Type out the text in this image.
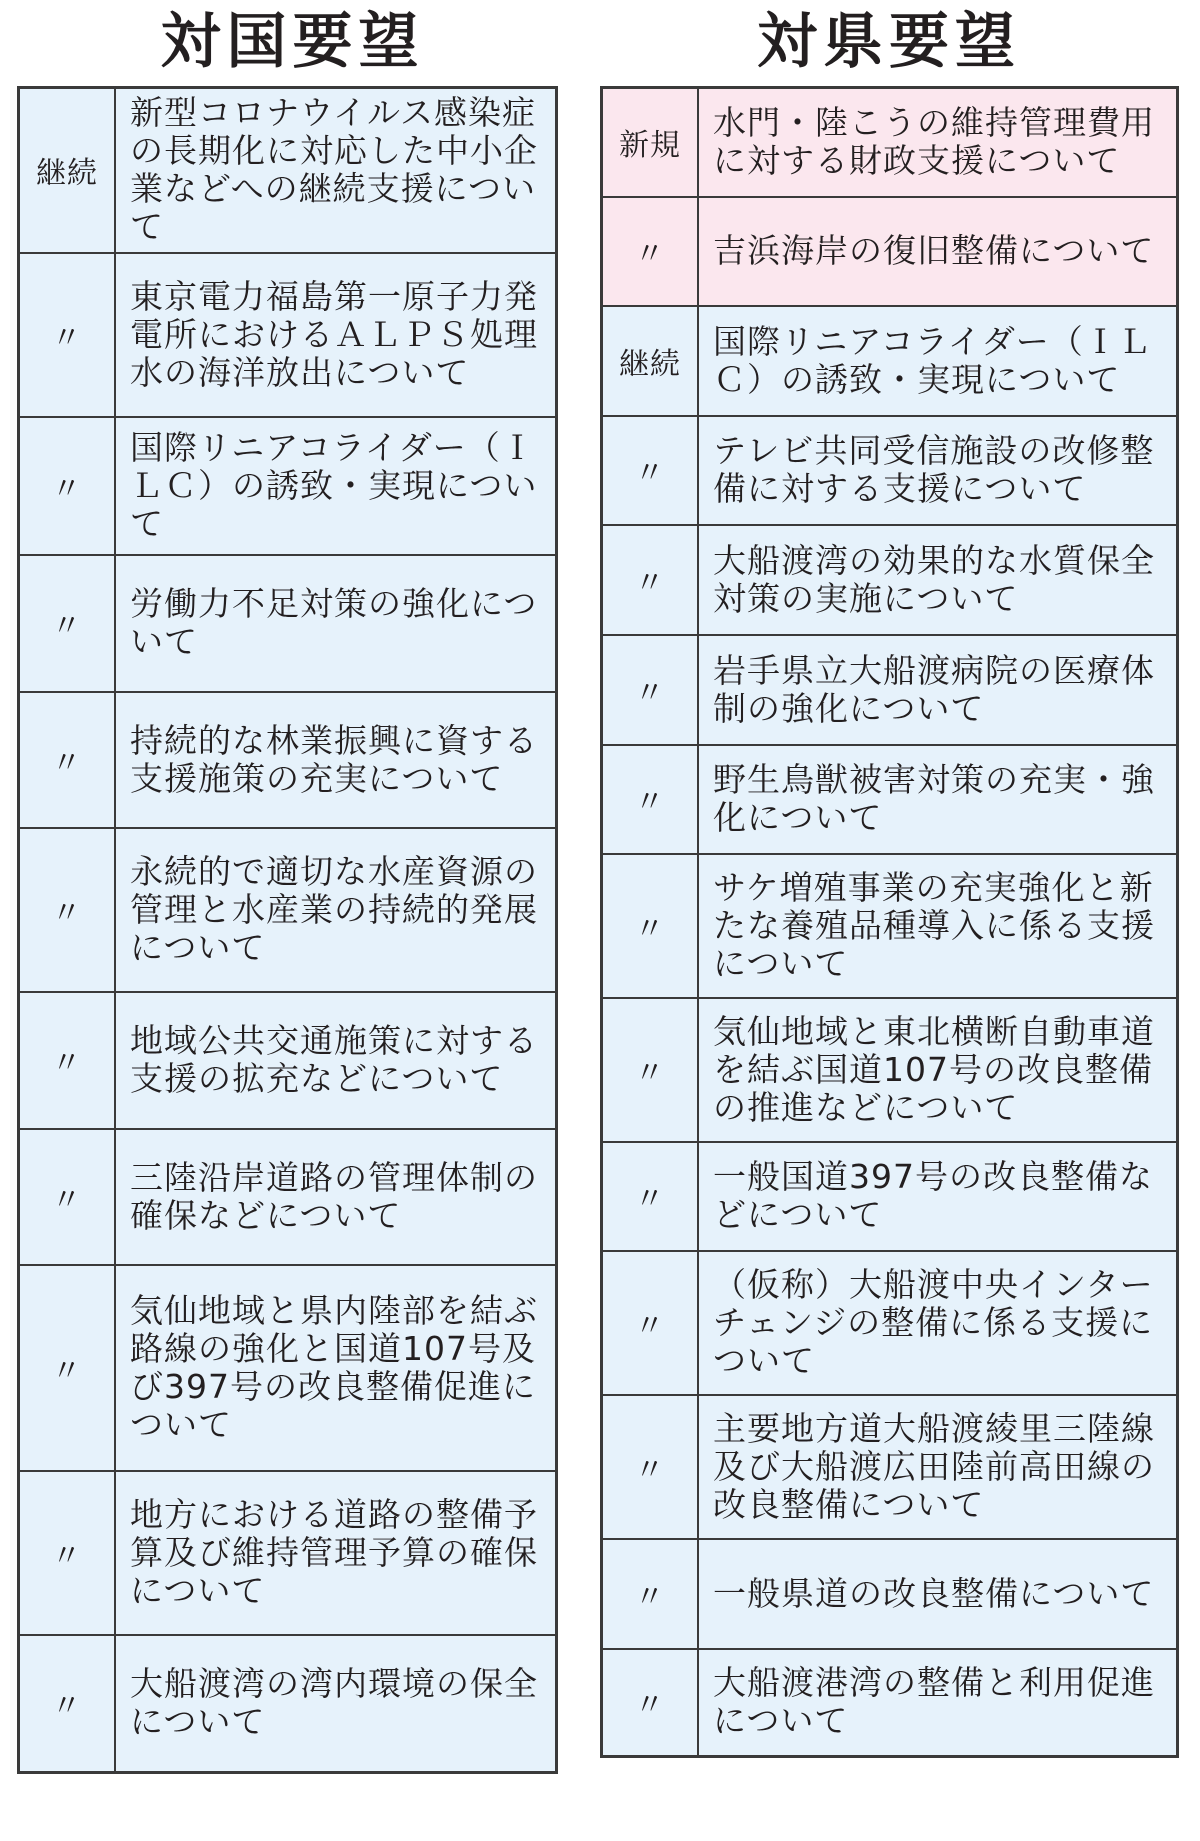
対国要望	対県要望
継続	新型コロナウイルス感染症の長期化に対応した中小企業などへの継続支援について
〃	東京電力福島第一原子力発電所におけるＡＬＰＳ処理水の海洋放出について
〃	国際リニアコライダー（ＩＬＣ）の誘致・実現について
〃	労働力不足対策の強化について
〃	持続的な林業振興に資する支援施策の充実について
〃	永続的で適切な水産資源の管理と水産業の持続的発展について
〃	地域公共交通施策に対する支援の拡充などについて
〃	三陸沿岸道路の管理体制の確保などについて
〃	気仙地域と県内陸部を結ぶ路線の強化と国道107号及び397号の改良整備促進について
〃	地方における道路の整備予算及び維持管理予算の確保について
〃	大船渡湾の湾内環境の保全について
新規	水門・陸こうの維持管理費用に対する財政支援について
〃	吉浜海岸の復旧整備について
継続	国際リニアコライダー（ＩＬＣ）の誘致・実現について
〃	テレビ共同受信施設の改修整備に対する支援について
〃	大船渡湾の効果的な水質保全対策の実施について
〃	岩手県立大船渡病院の医療体制の強化について
〃	野生鳥獣被害対策の充実・強化について
〃	サケ増殖事業の充実強化と新たな養殖品種導入に係る支援について
〃	気仙地域と東北横断自動車道を結ぶ国道107号の改良整備の推進などについて
〃	一般国道397号の改良整備などについて
〃	（仮称）大船渡中央インターチェンジの整備に係る支援について
〃	主要地方道大船渡綾里三陸線及び大船渡広田陸前高田線の改良整備について
〃	一般県道の改良整備について
〃	大船渡港湾の整備と利用促進について
